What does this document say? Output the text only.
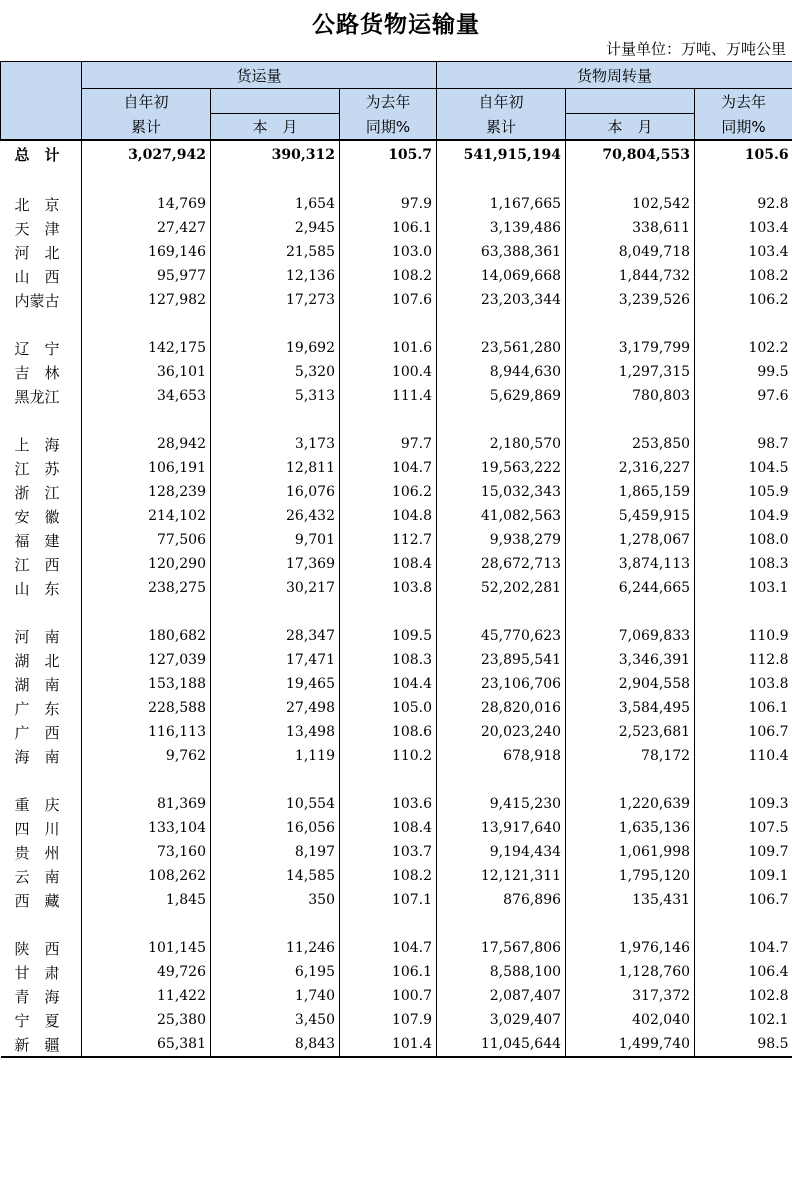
公路货物运输量
计量单位：万吨、万吨公里
	货运量			货物周转量		
	自年初		为去年	自年初		为去年
	累计	本　月	同期%	累计	本　月	同期%
总　计	3,027,942	390,312	105.7	541,915,194	70,804,553	105.6

北　京	14,769	1,654	97.9	1,167,665	102,542	92.8
天　津	27,427	2,945	106.1	3,139,486	338,611	103.4
河　北	169,146	21,585	103.0	63,388,361	8,049,718	103.4
山　西	95,977	12,136	108.2	14,069,668	1,844,732	108.2
内蒙古	127,982	17,273	107.6	23,203,344	3,239,526	106.2

辽　宁	142,175	19,692	101.6	23,561,280	3,179,799	102.2
吉　林	36,101	5,320	100.4	8,944,630	1,297,315	99.5
黑龙江	34,653	5,313	111.4	5,629,869	780,803	97.6

上　海	28,942	3,173	97.7	2,180,570	253,850	98.7
江　苏	106,191	12,811	104.7	19,563,222	2,316,227	104.5
浙　江	128,239	16,076	106.2	15,032,343	1,865,159	105.9
安　徽	214,102	26,432	104.8	41,082,563	5,459,915	104.9
福　建	77,506	9,701	112.7	9,938,279	1,278,067	108.0
江　西	120,290	17,369	108.4	28,672,713	3,874,113	108.3
山　东	238,275	30,217	103.8	52,202,281	6,244,665	103.1

河　南	180,682	28,347	109.5	45,770,623	7,069,833	110.9
湖　北	127,039	17,471	108.3	23,895,541	3,346,391	112.8
湖　南	153,188	19,465	104.4	23,106,706	2,904,558	103.8
广　东	228,588	27,498	105.0	28,820,016	3,584,495	106.1
广　西	116,113	13,498	108.6	20,023,240	2,523,681	106.7
海　南	9,762	1,119	110.2	678,918	78,172	110.4

重　庆	81,369	10,554	103.6	9,415,230	1,220,639	109.3
四　川	133,104	16,056	108.4	13,917,640	1,635,136	107.5
贵　州	73,160	8,197	103.7	9,194,434	1,061,998	109.7
云　南	108,262	14,585	108.2	12,121,311	1,795,120	109.1
西　藏	1,845	350	107.1	876,896	135,431	106.7

陕　西	101,145	11,246	104.7	17,567,806	1,976,146	104.7
甘　肃	49,726	6,195	106.1	8,588,100	1,128,760	106.4
青　海	11,422	1,740	100.7	2,087,407	317,372	102.8
宁　夏	25,380	3,450	107.9	3,029,407	402,040	102.1
新　疆	65,381	8,843	101.4	11,045,644	1,499,740	98.5
